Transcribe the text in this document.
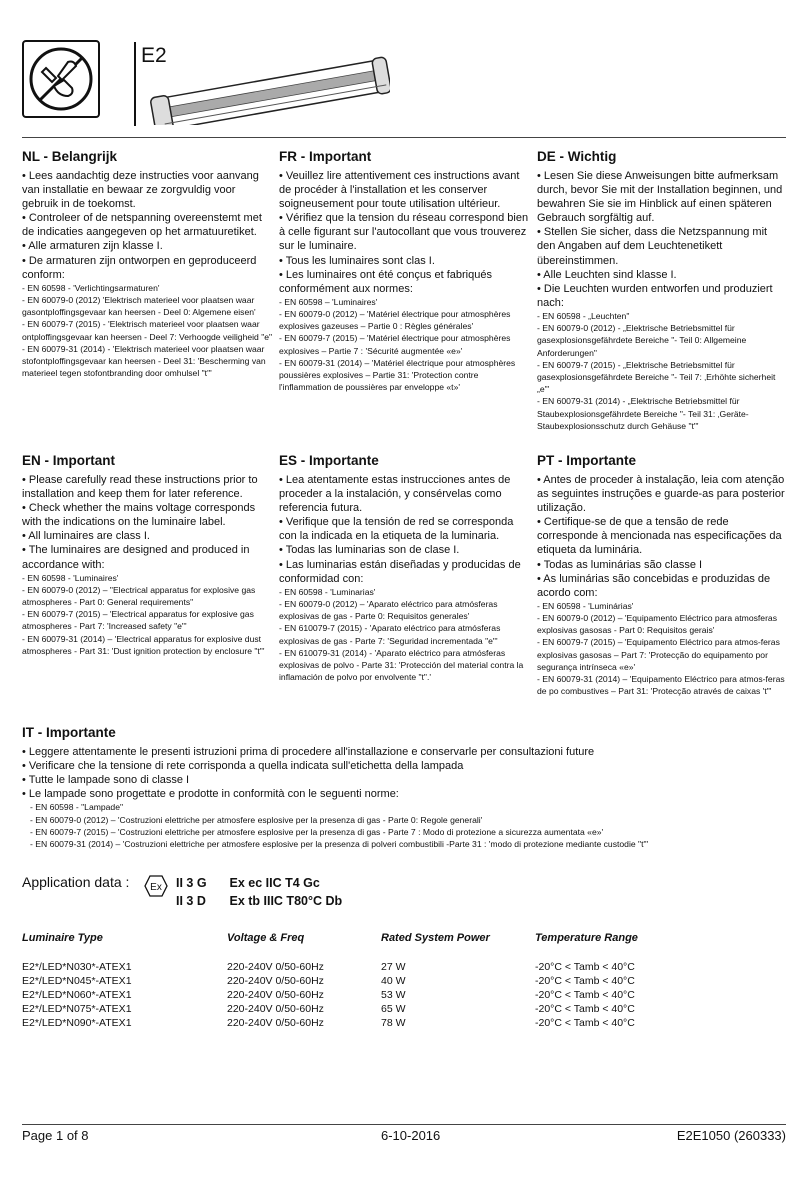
E2
NL - Belangrijk
• Lees aandachtig deze instructies voor aanvang van installatie en bewaar ze zorgvuldig voor gebruik in de toekomst.
• Controleer of de netspanning overeenstemt met de indicaties aangegeven op het armatuuretiket.
• Alle armaturen zijn klasse I.
• De armaturen zijn ontworpen en geproduceerd conform:
- EN 60598 - 'Verlichtingsarmaturen'
- EN 60079-0 (2012) 'Elektrisch materieel voor plaatsen waar gasontploffingsgevaar kan heersen - Deel 0: Algemene eisen'
- EN 60079-7 (2015) - 'Elektrisch materieel voor plaatsen waar ontploffingsgevaar kan heersen - Deel 7: Verhoogde veiligheid "e"
- EN 60079-31 (2014) - 'Elektrisch materieel voor plaatsen waar stofontploffingsgevaar kan heersen - Deel 31: 'Bescherming van materieel tegen stofontbranding door omhulsel "t"'
FR - Important
• Veuillez lire attentivement ces instructions avant de procéder à l'installation et les conserver soigneusement pour toute utilisation ultérieur.
• Vérifiez que la tension du réseau correspond bien à celle figurant sur l'autocollant que vous trouverez sur le luminaire.
• Tous les luminaires sont clas I.
• Les luminaires ont été conçus et fabriqués conformément aux normes:
- EN 60598 – 'Luminaires'
- EN 60079-0 (2012) – 'Matériel électrique pour atmosphères explosives gazeuses – Partie 0 : Règles générales'
- EN 60079-7 (2015) – 'Matériel électrique pour atmosphères explosives – Partie 7 : 'Sécurité augmentée «e»'
- EN 60079-31 (2014) – 'Matériel électrique pour atmosphères poussières explosives – Partie 31: 'Protection contre l'inflammation de poussières par enveloppe «t»'
DE - Wichtig
• Lesen Sie diese Anweisungen bitte aufmerksam durch, bevor Sie mit der Installation beginnen, und bewahren Sie sie im Hinblick auf einen späteren Gebrauch sorgfältig auf.
• Stellen Sie sicher, dass die Netzspannung mit den Angaben auf dem Leuchtenetikett übereinstimmen.
• Alle Leuchten sind klasse I.
• Die Leuchten wurden entworfen und produziert nach:
- EN 60598 - „Leuchten"
- EN 60079-0 (2012) - „Elektrische Betriebsmittel für gasexplosionsgefährdete Bereiche "- Teil 0: Allgemeine Anforderungen"
- EN 60079-7 (2015) - „Elektrische Betriebsmittel für gasexplosionsgefährdete Bereiche "- Teil 7: ‚Erhöhte sicherheit „e"'
- EN 60079-31 (2014) - „Elektrische Betriebsmittel für Staubexplosionsgefährdete Bereiche "- Teil 31: ‚Geräte-Staubexplosionsschutz durch Gehäuse "t"'
EN - Important
• Please carefully read these instructions prior to installation and keep them for later reference.
• Check whether the mains voltage corresponds with the indications on the luminaire label.
• All luminaires are class I.
• The luminaires are designed and produced in accordance with:
- EN 60598 - 'Luminaires'
- EN 60079-0 (2012) – "Electrical apparatus for explosive gas atmospheres - Part 0: General requirements"
- EN 60079-7 (2015) – 'Electrical apparatus for explosive gas atmospheres - Part 7: 'Increased safety "e"'
- EN 60079-31 (2014) – 'Electrical apparatus for explosive dust atmospheres - Part 31: 'Dust ignition protection by enclosure "t"'
ES - Importante
• Lea atentamente estas instrucciones antes de proceder a la instalación, y consérvelas como referencia futura.
• Verifique que la tensión de red se corresponda con la indicada en la etiqueta de la luminaria.
• Todas las luminarias son de clase I.
• Las luminarias están diseñadas y producidas de conformidad con:
- EN 60598 - 'Luminarias'
- EN 60079-0 (2012) – 'Aparato eléctrico para atmósferas explosivas de gas - Parte 0: Requisitos generales'
- EN 610079-7 (2015) - 'Aparato eléctrico para atmósferas explosivas de gas - Parte 7: 'Seguridad incrementada "e"'
- EN 610079-31 (2014) - 'Aparato eléctrico para atmósferas explosivas de polvo - Parte 31: 'Protección del material contra la inflamación de polvo por envolvente "t".'
PT - Importante
• Antes de proceder à instalação, leia com atenção as seguintes instruções e guarde-as para posterior utilização.
• Certifique-se de que a tensão de rede corresponde à mencionada nas especificações da etiqueta da luminária.
• Todas as luminárias são classe I
• As luminárias são concebidas e produzidas de acordo com:
- EN 60598 - 'Luminárias'
- EN 60079-0 (2012) – 'Equipamento Eléctrico para atmosferas explosivas gasosas - Part 0: Requisitos gerais'
- EN 60079-7 (2015) – 'Equipamento Eléctrico para atmos-feras explosivas gasosas – Part 7: 'Protecção do equipamento por segurança intrínseca «e»'
- EN 60079-31 (2014) – 'Equipamento Eléctrico para atmos-feras de po combustives – Part 31: 'Protecção através de caixas 't"'
IT - Importante
• Leggere attentamente le presenti istruzioni prima di procedere all'installazione e conservarle per consultazioni future
• Verificare che la tensione di rete corrisponda a quella indicata sull'etichetta della lampada
• Tutte le lampade sono di classe I
• Le lampade sono progettate e prodotte in conformità con le seguenti norme:
- EN 60598 - "Lampade"
- EN 60079-0 (2012) – 'Costruzioni elettriche per atmosfere esplosive per la presenza di gas - Parte 0: Regole generali'
- EN 60079-7 (2015) – 'Costruzioni elettriche per atmosfere esplosive per la presenza di gas - Parte 7 : Modo di protezione a sicurezza aumentata «e»'
- EN 60079-31 (2014) – 'Costruzioni elettriche per atmosfere esplosive per la presenza di polveri combustibili -Parte 31 : 'modo di protezione mediante custodie "t"'
Application data : Ex II 3 G Ex ec IIC T4 Gc
II 3 D Ex tb IIIC T80°C Db
Luminaire Type	Voltage & Freq	Rated System Power	Temperature Range
E2*/LED*N030*-ATEX1	220-240V 0/50-60Hz	27 W	-20°C < Tamb < 40°C
E2*/LED*N045*-ATEX1	220-240V 0/50-60Hz	40 W	-20°C < Tamb < 40°C
E2*/LED*N060*-ATEX1	220-240V 0/50-60Hz	53 W	-20°C < Tamb < 40°C
E2*/LED*N075*-ATEX1	220-240V 0/50-60Hz	65 W	-20°C < Tamb < 40°C
E2*/LED*N090*-ATEX1	220-240V 0/50-60Hz	78 W	-20°C < Tamb < 40°C
Page 1 of 8	6-10-2016	E2E1050 (260333)
